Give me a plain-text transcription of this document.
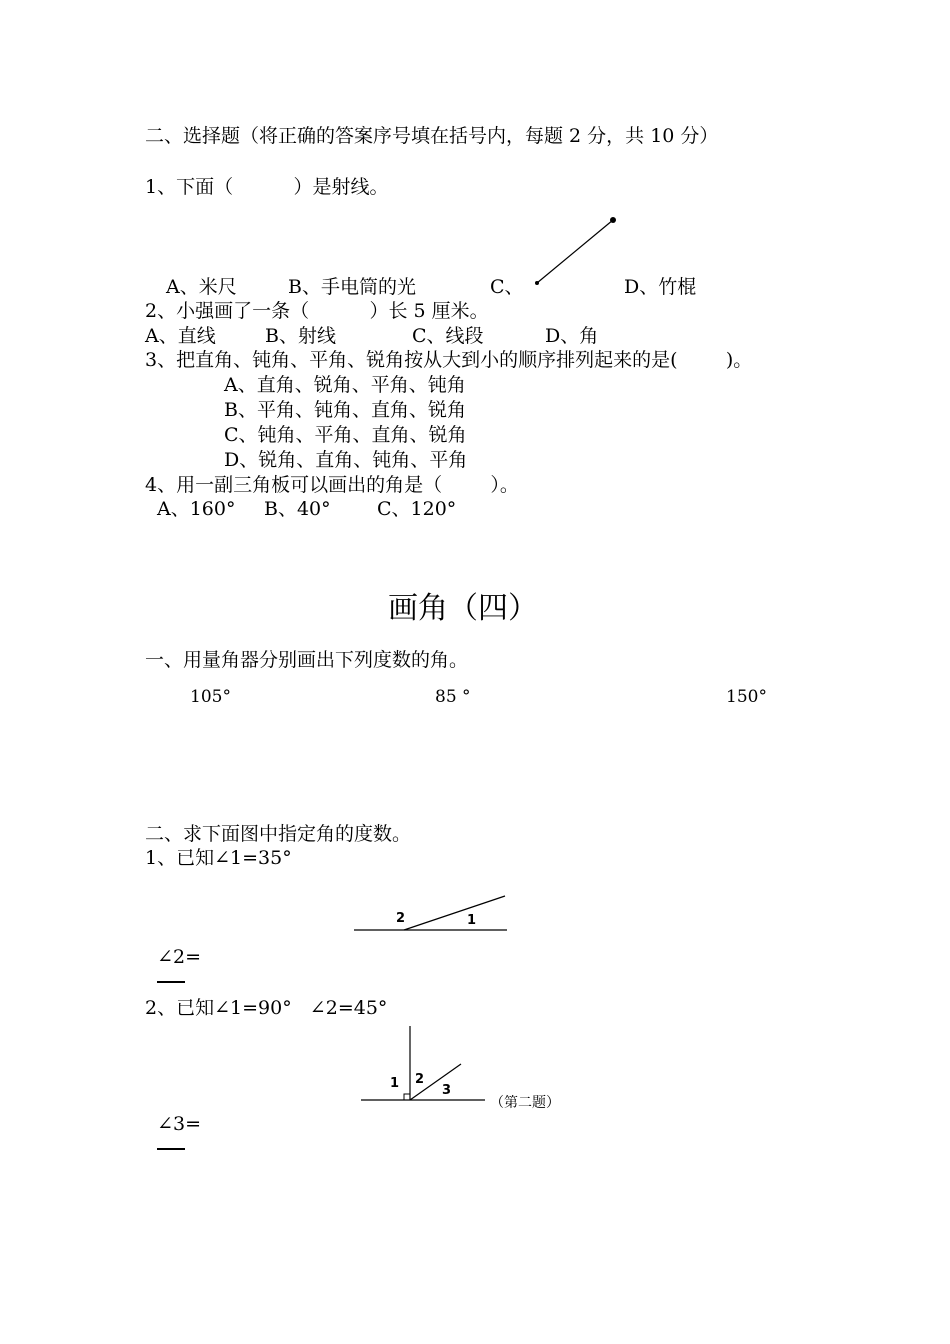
二、选择题（将正确的答案序号填在括号内，每题 2 分，共 10 分）
1、下面（          ）是射线。
A、米尺	B、手电筒的光	C、	D、竹棍
2、小强画了一条（          ）长 5 厘米。
A、直线	B、射线	C、线段	D、角
3、把直角、钝角、平角、锐角按从大到小的顺序排列起来的是(        )。
A、直角、锐角、平角、钝角
B、平角、钝角、直角、锐角
C、钝角、平角、直角、锐角
D、锐角、直角、钝角、平角
4、用一副三角板可以画出的角是（        ）。
A、160° B、40° C、120°
画角（四）
一、用量角器分别画出下列度数的角。
105°	85 °	150°
二、求下面图中指定角的度数。
1、已知∠1=35°

∠2=

2	1
2、已知∠1=90°   ∠2=45°

∠3=

1 2
3
（第二题）
